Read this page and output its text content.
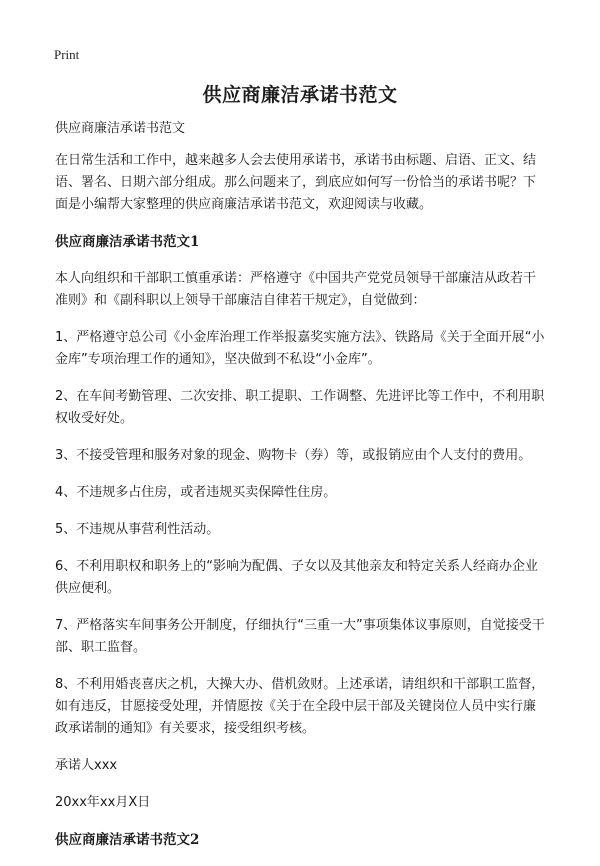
Print
供应商廉洁承诺书范文

供应商廉洁承诺书范文

在日常生活和工作中，越来越多人会去使用承诺书，承诺书由标题、启语、正文、结语、署名、日期六部分组成。那么问题来了，到底应如何写一份恰当的承诺书呢？下面是小编帮大家整理的供应商廉洁承诺书范文，欢迎阅读与收藏。

供应商廉洁承诺书范文1

本人向组织和干部职工慎重承诺：严格遵守《中国共产党党员领导干部廉洁从政若干准则》和《副科职以上领导干部廉洁自律若干规定》，自觉做到：

1、严格遵守总公司《小金库治理工作举报嘉奖实施方法》、铁路局《关于全面开展“小金库”专项治理工作的通知》，坚决做到不私设“小金库”。

2、在车间考勤管理、二次安排、职工提职、工作调整、先进评比等工作中，不利用职权收受好处。

3、不接受管理和服务对象的现金、购物卡（券）等，或报销应由个人支付的费用。

4、不违规多占住房，或者违规买卖保障性住房。

5、不违规从事营利性活动。

6、不利用职权和职务上的“影响为配偶、子女以及其他亲友和特定关系人经商办企业供应便利。

7、严格落实车间事务公开制度，仔细执行“三重一大”事项集体议事原则，自觉接受干部、职工监督。

8、不利用婚丧喜庆之机，大操大办、借机敛财。上述承诺，请组织和干部职工监督，如有违反，甘愿接受处理，并情愿按《关于在全段中层干部及关键岗位人员中实行廉政承诺制的通知》有关要求，接受组织考核。

承诺人xxx

20xx年xx月X日

供应商廉洁承诺书范文2
